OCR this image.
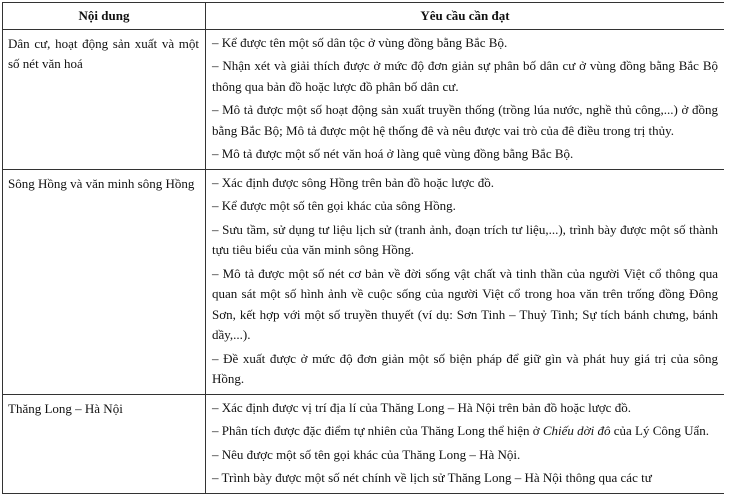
Nội dung	Yêu cầu cần đạt
Dân cư, hoạt động sản xuất và một số nét văn hoá	– Kể được tên một số dân tộc ở vùng đồng bằng Bắc Bộ.
– Nhận xét và giải thích được ở mức độ đơn giản sự phân bố dân cư ở vùng đồng bằng Bắc Bộ thông qua bản đồ hoặc lược đồ phân bố dân cư.
– Mô tả được một số hoạt động sản xuất truyền thống (trồng lúa nước, nghề thủ công,...) ở đồng bằng Bắc Bộ; Mô tả được một hệ thống đê và nêu được vai trò của đê điều trong trị thủy.
– Mô tả được một số nét văn hoá ở làng quê vùng đồng bằng Bắc Bộ.

Sông Hồng và văn minh sông Hồng	– Xác định được sông Hồng trên bản đồ hoặc lược đồ.
– Kể được một số tên gọi khác của sông Hồng.
– Sưu tầm, sử dụng tư liệu lịch sử (tranh ảnh, đoạn trích tư liệu,...), trình bày được một số thành tựu tiêu biểu của văn minh sông Hồng.
– Mô tả được một số nét cơ bản về đời sống vật chất và tinh thần của người Việt cổ thông qua quan sát một số hình ảnh về cuộc sống của người Việt cổ trong hoa văn trên trống đồng Đông Sơn, kết hợp với một số truyền thuyết (ví dụ: Sơn Tinh – Thuỷ Tinh; Sự tích bánh chưng, bánh dầy,...).
– Đề xuất được ở mức độ đơn giản một số biện pháp để giữ gìn và phát huy giá trị của sông Hồng.

Thăng Long – Hà Nội	– Xác định được vị trí địa lí của Thăng Long – Hà Nội trên bản đồ hoặc lược đồ.
– Phân tích được đặc điểm tự nhiên của Thăng Long thể hiện ở Chiếu dời đô của Lý Công Uẩn.
– Nêu được một số tên gọi khác của Thăng Long – Hà Nội.
– Trình bày được một số nét chính về lịch sử Thăng Long – Hà Nội thông qua các tư
